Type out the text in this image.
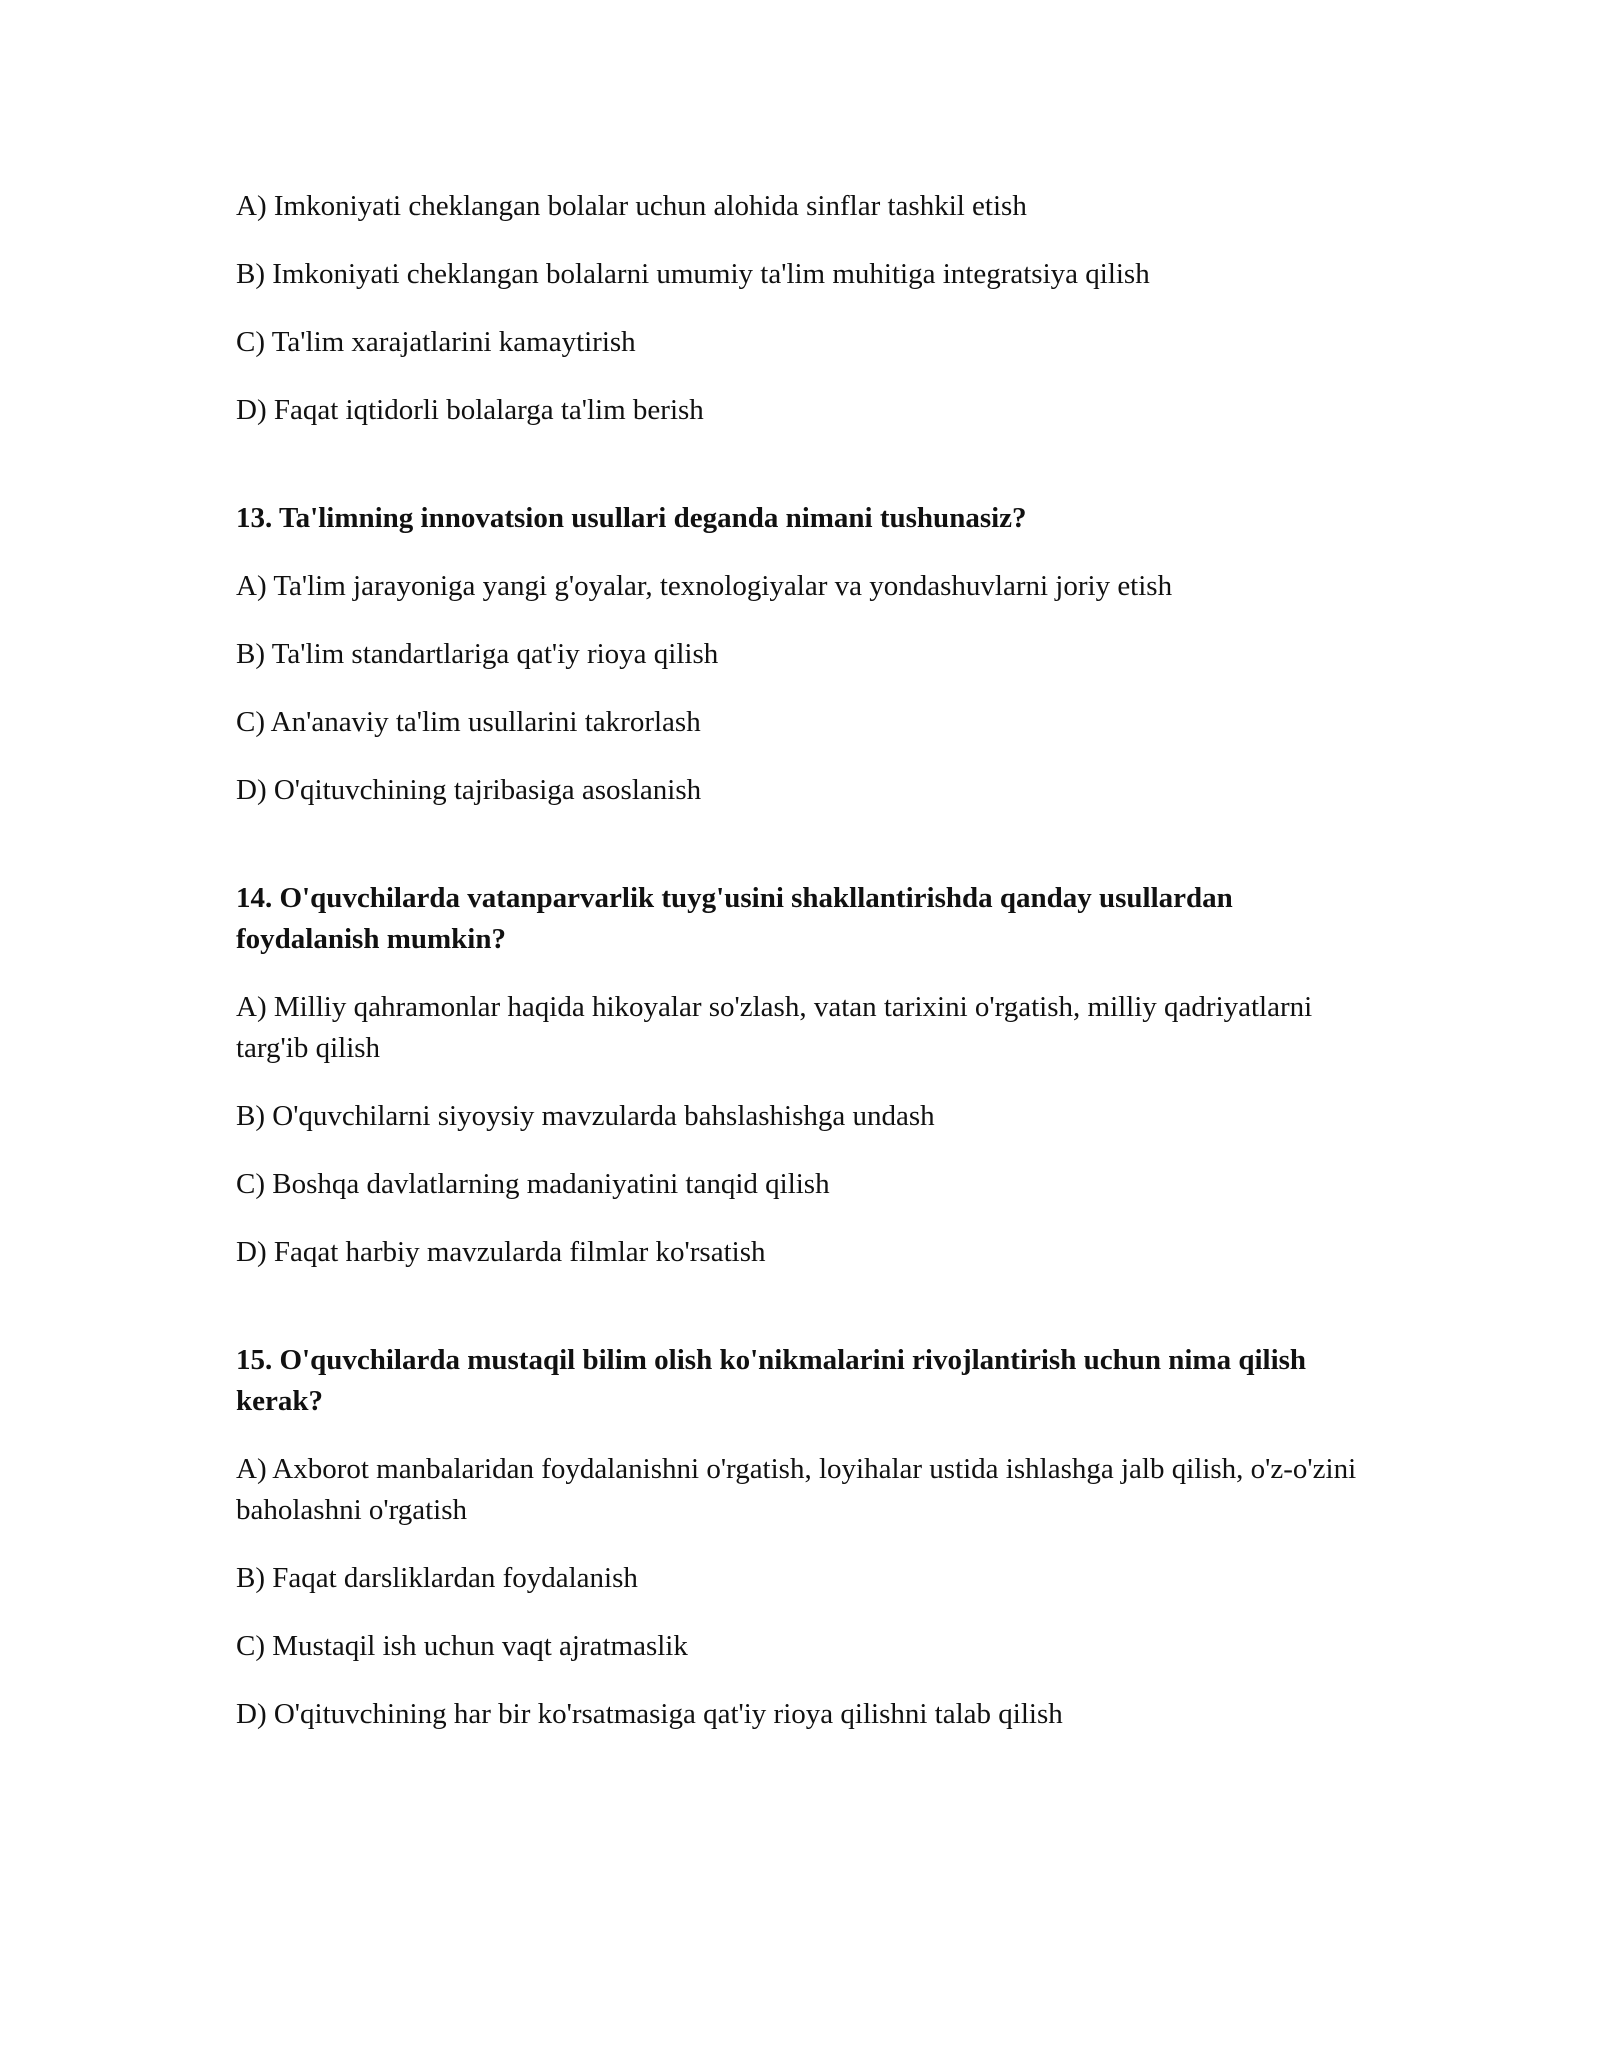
A) Imkoniyati cheklangan bolalar uchun alohida sinflar tashkil etish

B) Imkoniyati cheklangan bolalarni umumiy ta'lim muhitiga integratsiya qilish

C) Ta'lim xarajatlarini kamaytirish

D) Faqat iqtidorli bolalarga ta'lim berish

13. Ta'limning innovatsion usullari deganda nimani tushunasiz?

A) Ta'lim jarayoniga yangi g'oyalar, texnologiyalar va yondashuvlarni joriy etish

B) Ta'lim standartlariga qat'iy rioya qilish

C) An'anaviy ta'lim usullarini takrorlash

D) O'qituvchining tajribasiga asoslanish

14. O'quvchilarda vatanparvarlik tuyg'usini shakllantirishda qanday usullardan foydalanish mumkin?

A) Milliy qahramonlar haqida hikoyalar so'zlash, vatan tarixini o'rgatish, milliy qadriyatlarni targ'ib qilish

B) O'quvchilarni siyoysiy mavzularda bahslashishga undash

C) Boshqa davlatlarning madaniyatini tanqid qilish

D) Faqat harbiy mavzularda filmlar ko'rsatish

15. O'quvchilarda mustaqil bilim olish ko'nikmalarini rivojlantirish uchun nima qilish kerak?

A) Axborot manbalaridan foydalanishni o'rgatish, loyihalar ustida ishlashga jalb qilish, o'z-o'zini baholashni o'rgatish

B) Faqat darsliklardan foydalanish

C) Mustaqil ish uchun vaqt ajratmaslik

D) O'qituvchining har bir ko'rsatmasiga qat'iy rioya qilishni talab qilish
